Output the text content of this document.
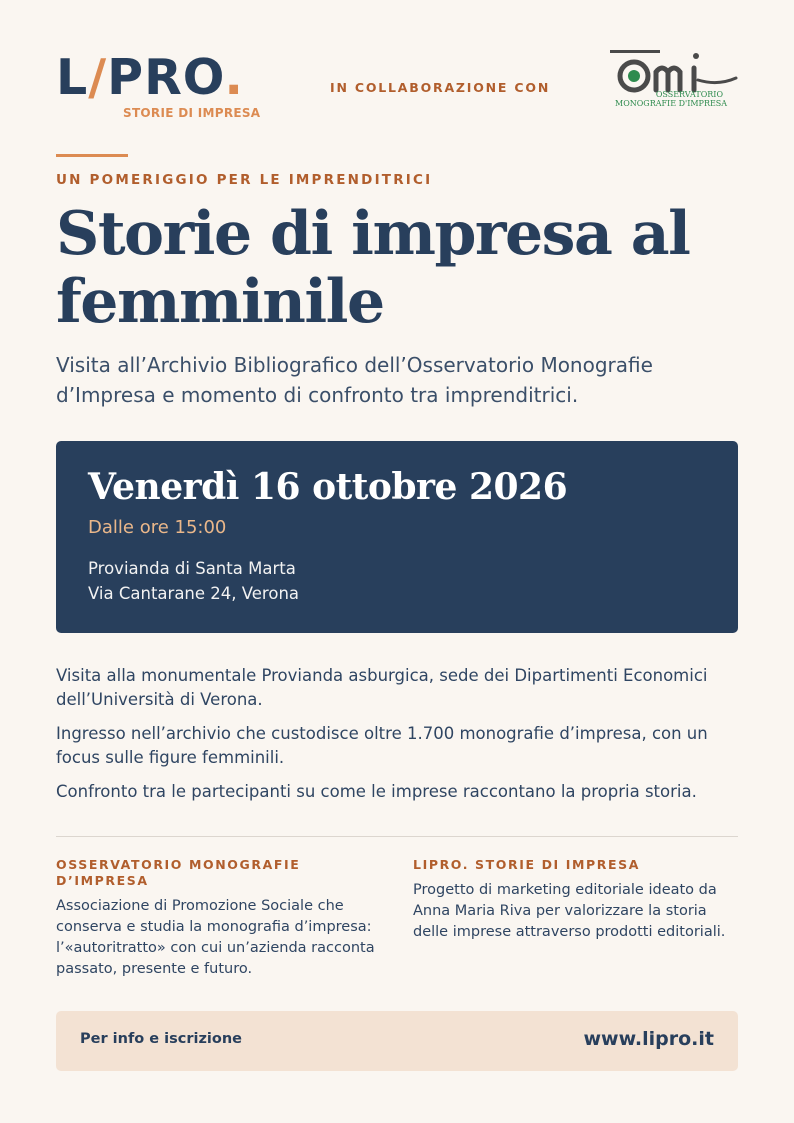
L/PRO.
STORIE DI IMPRESA
IN COLLABORAZIONE CON	OSSERVATORIO
MONOGRAFIE D'IMPRESA
UN POMERIGGIO PER LE IMPRENDITRICI
Storie di impresa al femminile

Visita all’Archivio Bibliografico dell’Osservatorio Monografie d’Impresa e momento di confronto tra imprenditrici.

Venerdì 16 ottobre 2026
Dalle ore 15:00
Provianda di Santa Marta
Via Cantarane 24, Verona

Visita alla monumentale Provianda asburgica, sede dei Dipartimenti Economici dell’Università di Verona.

Ingresso nell’archivio che custodisce oltre 1.700 monografie d’impresa, con un focus sulle figure femminili.

Confronto tra le partecipanti su come le imprese raccontano la propria storia.

OSSERVATORIO MONOGRAFIE D’IMPRESA

Associazione di Promozione Sociale che conserva e studia la monografia d’impresa: l’«autoritratto» con cui un’azienda racconta passato, presente e futuro.

LIPRO. STORIE DI IMPRESA

Progetto di marketing editoriale ideato da Anna Maria Riva per valorizzare la storia delle imprese attraverso prodotti editoriali.

Per info e iscrizione	www.lipro.it
